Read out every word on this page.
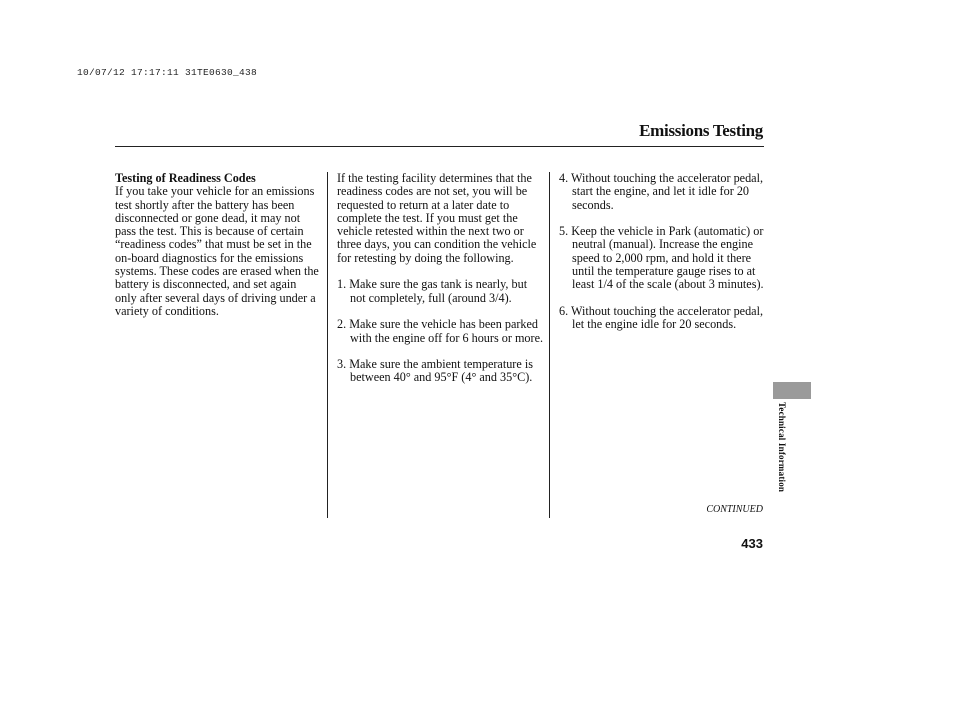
10/07/12 17:17:11 31TE0630_438
Emissions Testing

Testing of Readiness Codes

If you take your vehicle for an emissions test shortly after the battery has been disconnected or gone dead, it may not pass the test. This is because of certain “readiness codes” that must be set in the on-board diagnostics for the emissions systems. These codes are erased when the battery is disconnected, and set again only after several days of driving under a variety of conditions.

If the testing facility determines that the readiness codes are not set, you will be requested to return at a later date to complete the test. If you must get the vehicle retested within the next two or three days, you can condition the vehicle for retesting by doing the following.

1. Make sure the gas tank is nearly, but not completely, full (around 3/4).

2. Make sure the vehicle has been parked with the engine off for 6 hours or more.

3. Make sure the ambient temperature is between 40° and 95°F (4° and 35°C).

4. Without touching the accelerator pedal, start the engine, and let it idle for 20 seconds.

5. Keep the vehicle in Park (automatic) or neutral (manual). Increase the engine speed to 2,000 rpm, and hold it there until the temperature gauge rises to at least 1/4 of the scale (about 3 minutes).

6. Without touching the accelerator pedal, let the engine idle for 20 seconds.

CONTINUED
433
Technical Information
